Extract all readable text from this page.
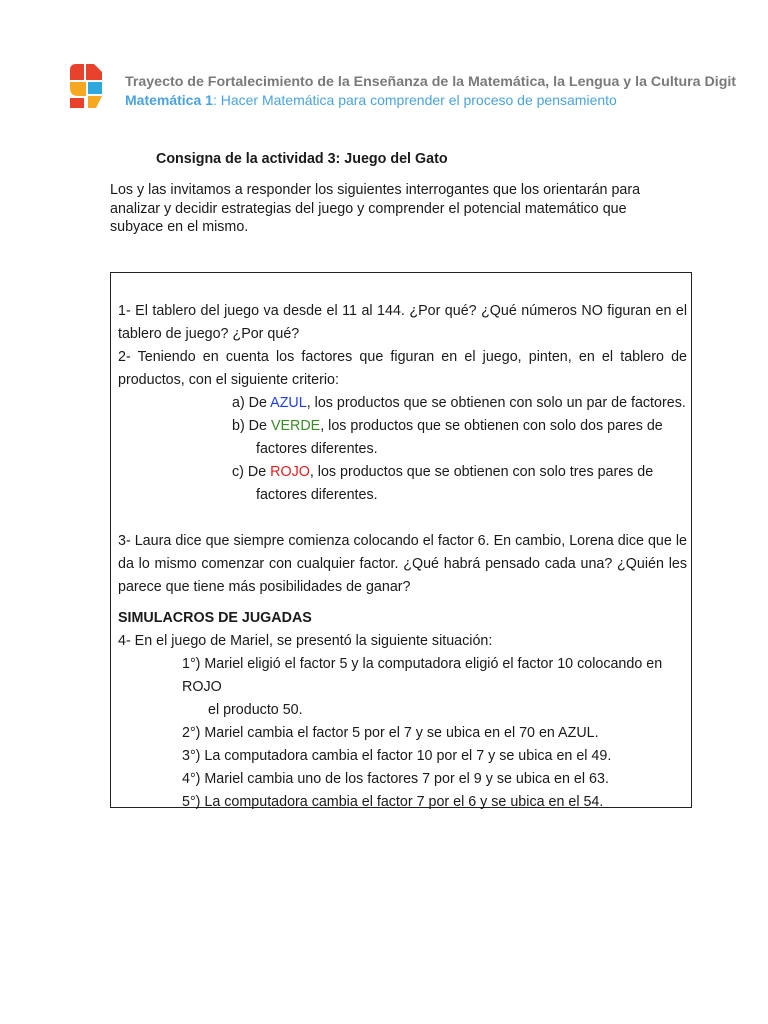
Trayecto de Fortalecimiento de la Enseñanza de la Matemática, la Lengua y la Cultura Digit
Matemática 1: Hacer Matemática para comprender el proceso de pensamiento
Consigna de la actividad 3: Juego del Gato
Los y las invitamos a responder los siguientes interrogantes que los orientarán para analizar y decidir estrategias del juego y comprender el potencial matemático que subyace en el mismo.
1- El tablero del juego va desde el 11 al 144. ¿Por qué? ¿Qué números NO figuran en el tablero de juego? ¿Por qué?
2- Teniendo en cuenta los factores que figuran en el juego, pinten, en el tablero de productos, con el siguiente criterio:
a) De AZUL, los productos que se obtienen con solo un par de factores.
b) De VERDE, los productos que se obtienen con solo dos pares de
factores diferentes.
c) De ROJO, los productos que se obtienen con solo tres pares de
factores diferentes.
3- Laura dice que siempre comienza colocando el factor 6. En cambio, Lorena dice que le da lo mismo comenzar con cualquier factor. ¿Qué habrá pensado cada una? ¿Quién les parece que tiene más posibilidades de ganar?
SIMULACROS DE JUGADAS
4- En el juego de Mariel, se presentó la siguiente situación:
1°) Mariel eligió el factor 5 y la computadora eligió el factor 10 colocando en ROJO
el producto 50.
2°) Mariel cambia el factor 5 por el 7 y se ubica en el 70 en AZUL.
3°) La computadora cambia el factor 10 por el 7 y se ubica en el 49.
4°) Mariel cambia uno de los factores 7 por el 9 y se ubica en el 63.
5°) La computadora cambia el factor 7 por el 6 y se ubica en el 54.
